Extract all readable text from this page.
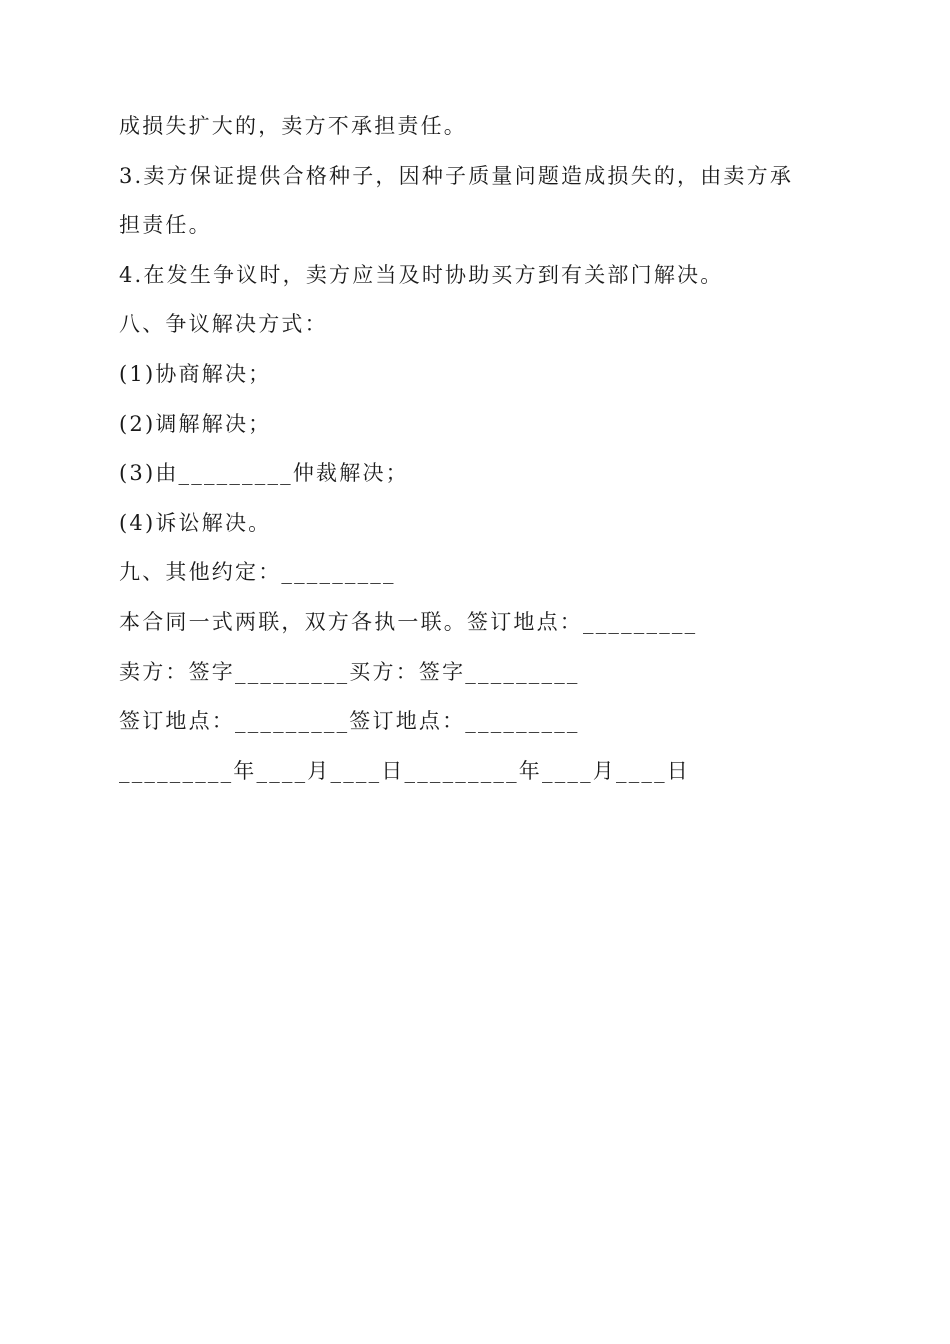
成损失扩大的，卖方不承担责任。
3.卖方保证提供合格种子，因种子质量问题造成损失的，由卖方承
担责任。
4.在发生争议时，卖方应当及时协助买方到有关部门解决。
八、争议解决方式：
(1)协商解决；
(2)调解解决；
(3)由_________仲裁解决；
(4)诉讼解决。
九、其他约定：_________
本合同一式两联，双方各执一联。签订地点：_________
卖方：签字_________买方：签字_________
签订地点：_________签订地点：_________
_________年____月____日_________年____月____日
